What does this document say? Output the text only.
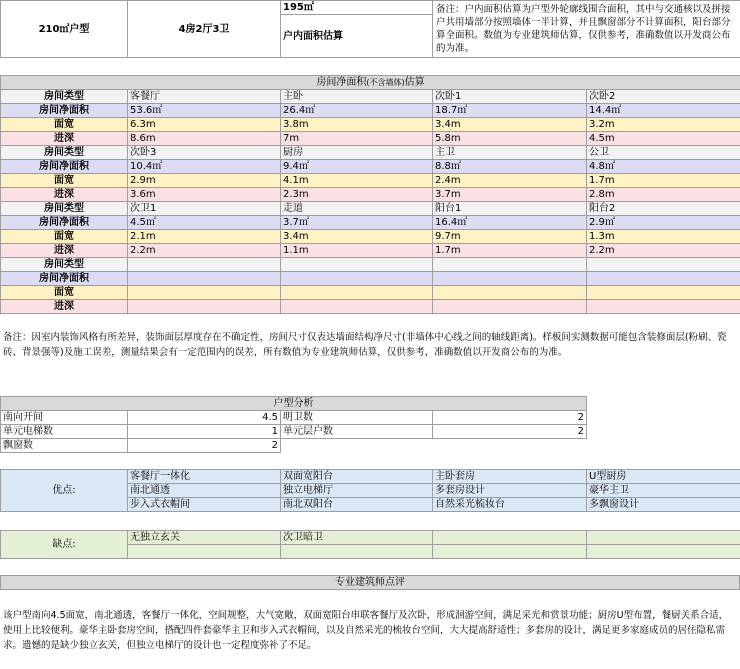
210㎡户型	4房2厅3卫	195㎡	备注：户内面积估算为户型外轮廓线围合面积，其中与交通核以及拼接户共用墙部分按照墙体一半计算，并且飘窗部分不计算面积，阳台部分算全面积。数值为专业建筑师估算，仅供参考，准确数值以开发商公布的为准。
户内面积估算
房间净面积(不含墙体)估算				
房间类型	客餐厅	主卧	次卧1	次卧2
房间净面积	53.6㎡	26.4㎡	18.7㎡	14.4㎡
面宽	6.3m	3.8m	3.4m	3.2m
进深	8.6m	7m	5.8m	4.5m
房间类型	次卧3	厨房	主卫	公卫
房间净面积	10.4㎡	9.4㎡	8.8㎡	4.8㎡
面宽	2.9m	4.1m	2.4m	1.7m
进深	3.6m	2.3m	3.7m	2.8m
房间类型	次卫1	走道	阳台1	阳台2
房间净面积	4.5㎡	3.7㎡	16.4㎡	2.9㎡
面宽	2.1m	3.4m	9.7m	1.3m
进深	2.2m	1.1m	1.7m	2.2m
房间类型				
房间净面积				
面宽				
进深				
备注：因室内装饰风格有所差异，装饰面层厚度存在不确定性，房间尺寸仅表达墙面结构净尺寸(非墙体中心线之间的轴线距离)。样板间实测数据可能包含装修面层(粉刷、瓷砖、背景强等)及施工误差，测量结果会有一定范围内的误差，所有数值为专业建筑师估算，仅供参考，准确数值以开发商公布的为准。
户型分析			
南向开间	4.5	明卫数	2
单元电梯数	1	单元层户数	2
飘窗数	2		
优点:	客餐厅一体化	双面宽阳台	主卧套房	U型厨房
	南北通透	独立电梯厅	多套房设计	豪华主卫
	步入式衣帽间	南北双阳台	自然采光梳妆台	多飘窗设计
缺点:	无独立玄关	次卫暗卫		

专业建筑师点评
该户型南向4.5面宽，南北通透，客餐厅一体化，空间规整，大气宽敞，双面宽阳台串联客餐厅及次卧，形成洄游空间，满足采光和赏景功能；厨房U型布置，餐厨关系合适，使用上比较便利。豪华主卧套房空间，搭配四件套豪华主卫和步入式衣帽间，以及自然采光的梳妆台空间，大大提高舒适性；多套房的设计，满足更多家庭成员的居住隐私需求。遗憾的是缺少独立玄关，但独立电梯厅的设计也一定程度弥补了不足。
